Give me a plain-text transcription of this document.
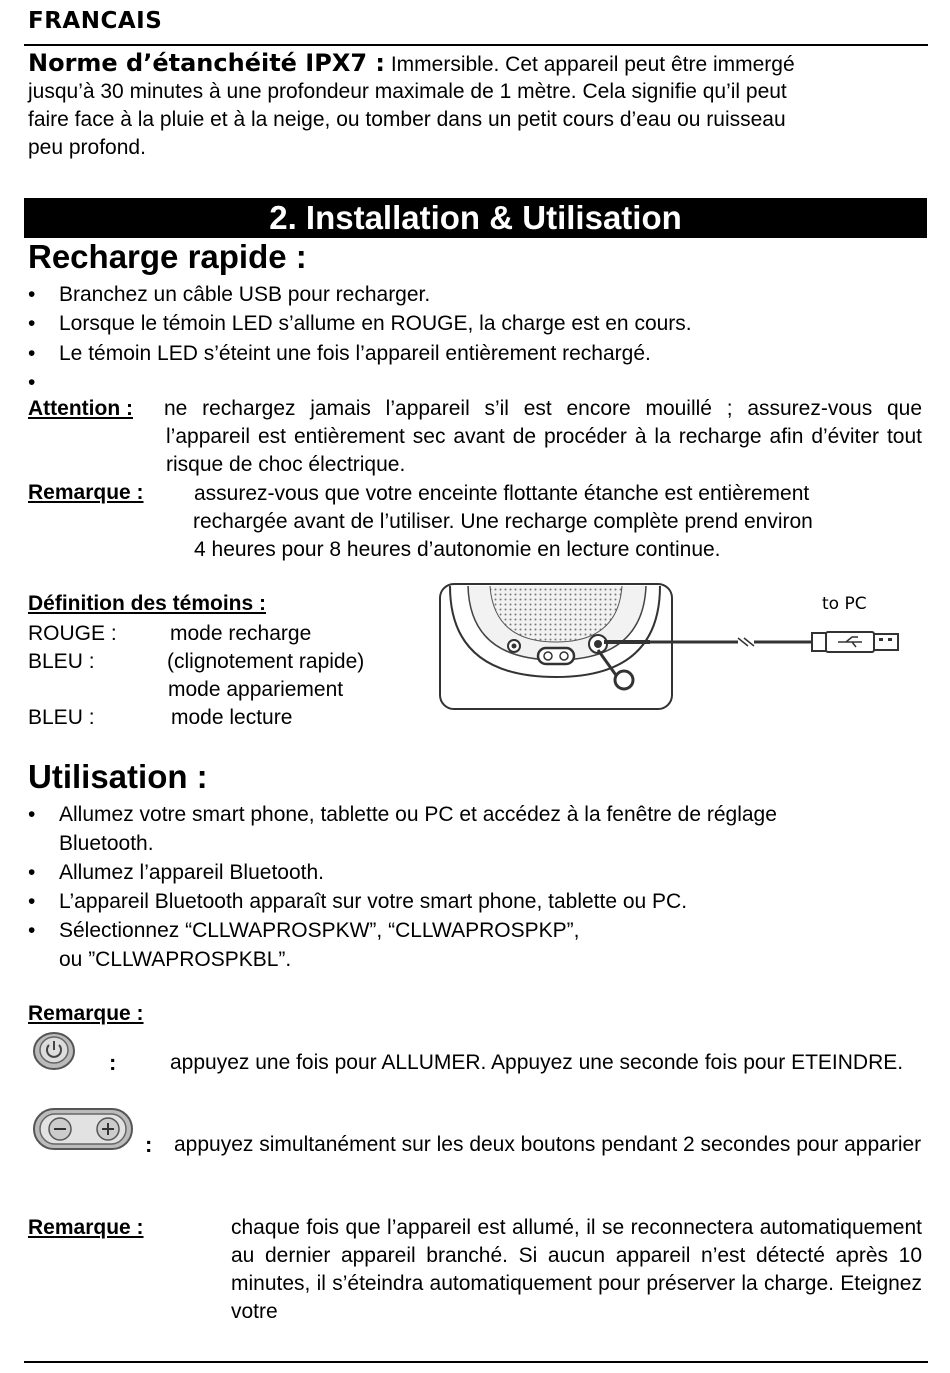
FRANCAIS
Norme d’étanchéité IPX7 : Immersible. Cet appareil peut être immergé
jusqu’à 30 minutes à une profondeur maximale de 1 mètre. Cela signifie qu’il peut
faire face à la pluie et à la neige, ou tomber dans un petit cours d’eau ou ruisseau
peu profond.
2. Installation & Utilisation
Recharge rapide :
•	Branchez un câble USB pour recharger.
•	Lorsque le témoin LED s’allume en ROUGE, la charge est en cours.
•	Le témoin LED s’éteint une fois l’appareil entièrement rechargé.
•
Attention : ne rechargez jamais l’appareil s’il est encore mouillé ; assurez-vous que l’appareil est entièrement sec avant de procéder à la recharge afin d’éviter tout risque de choc électrique.
Remarque : assurez-vous que votre enceinte flottante étanche est entièrement
rechargée avant de l’utiliser. Une recharge complète prend environ
4 heures pour 8 heures d’autonomie en lecture continue.
Définition des témoins :
ROUGE :	mode recharge
BLEU :	(clignotement rapide)
mode appariement
BLEU :	mode lecture
to PC
Utilisation :
•	Allumez votre smart phone, tablette ou PC et accédez à la fenêtre de réglage
Bluetooth.
•	Allumez l’appareil Bluetooth.
•	L’appareil Bluetooth apparaît sur votre smart phone, tablette ou PC.
•	Sélectionnez “CLLWAPROSPKW”, “CLLWAPROSPKP”,
ou ”CLLWAPROSPKBL”.
Remarque :
:	appuyez une fois pour ALLUMER. Appuyez une seconde fois pour ETEINDRE.
: appuyez simultanément sur les deux boutons pendant 2 secondes pour apparier
Remarque :	chaque fois que l’appareil est allumé, il se reconnectera automatiquement au dernier appareil branché. Si aucun appareil n’est détecté après 10 minutes, il s’éteindra automatiquement pour préserver la charge. Eteignez votre
